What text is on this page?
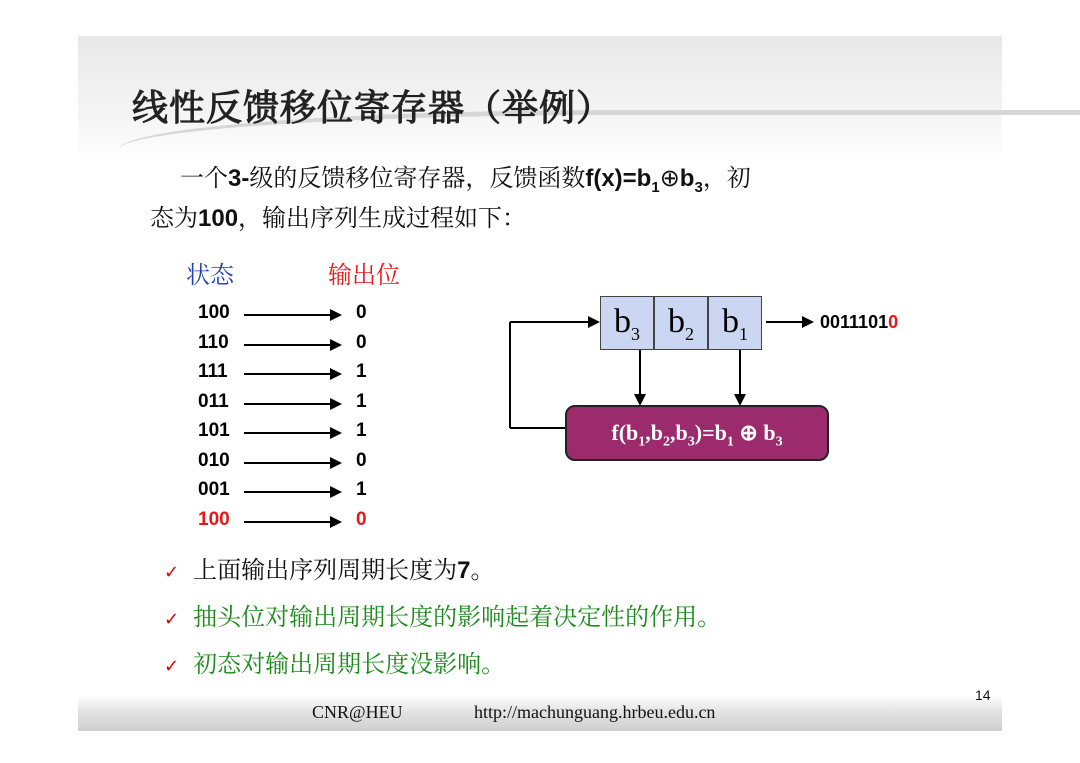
线性反馈移位寄存器（举例）
一个3-级的反馈移位寄存器，反馈函数$f(x)=b_1\oplus b_3$，初
态为100，输出序列生成过程如下：
状态	输出位
100	0
110	0
111	1
011	1
101	1
010	0
001	1
100	0
$b_3$ $b_2$ $b_1$
00111010
$f(b_1,b_2,b_3)=b_1$ ⊕ $b_3$
✓ 上面输出序列周期长度为7。
✓ 抽头位对输出周期长度的影响起着决定性的作用。
✓ 初态对输出周期长度没影响。
CNR@HEU	http://machunguang.hrbeu.edu.cn
14
